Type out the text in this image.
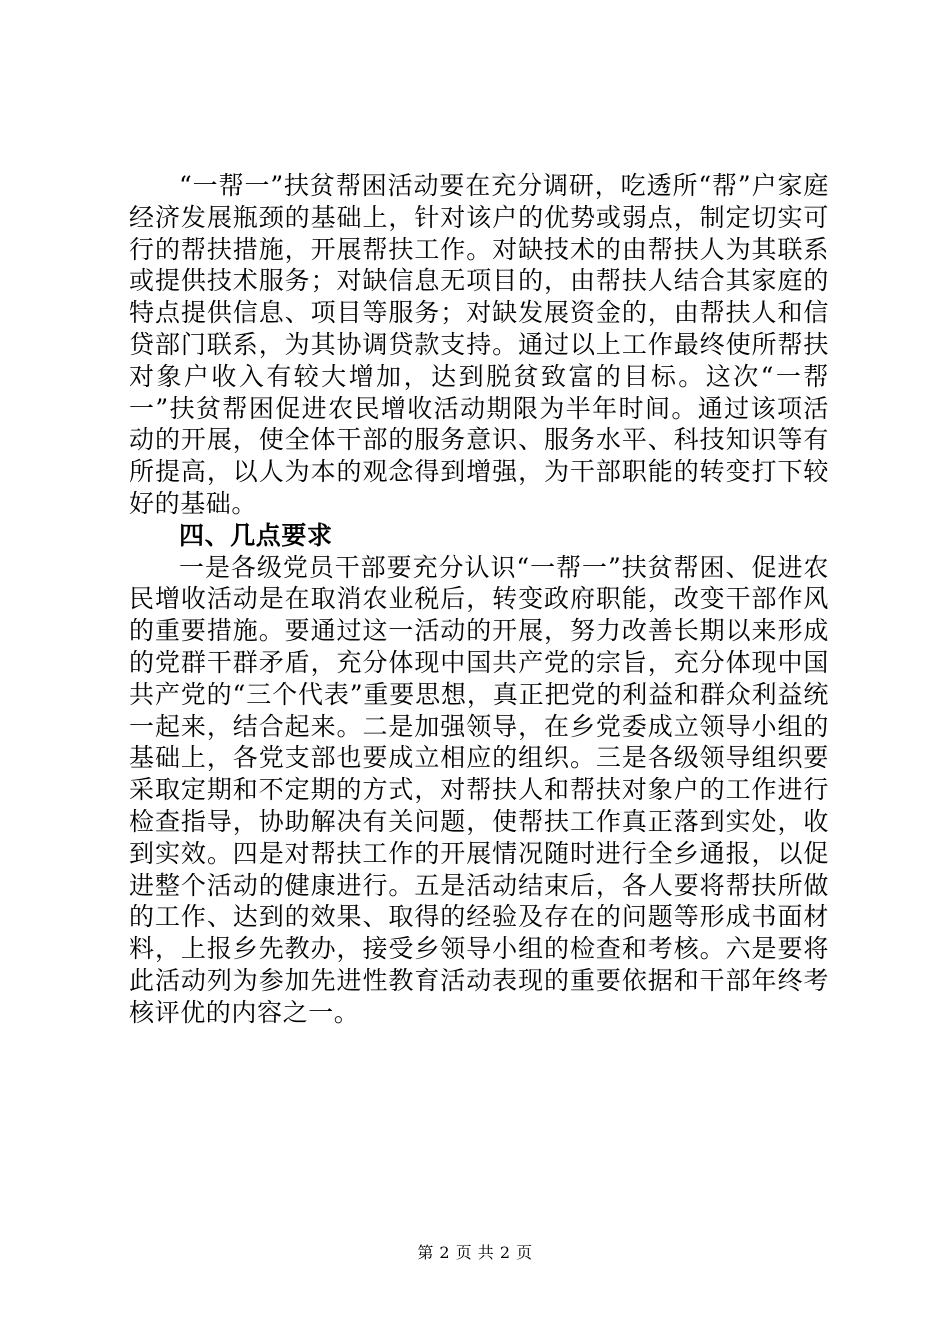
“一帮一”扶贫帮困活动要在充分调研，吃透所“帮”户家庭经济发展瓶颈的基础上，针对该户的优势或弱点，制定切实可行的帮扶措施，开展帮扶工作。对缺技术的由帮扶人为其联系或提供技术服务；对缺信息无项目的，由帮扶人结合其家庭的特点提供信息、项目等服务；对缺发展资金的，由帮扶人和信贷部门联系，为其协调贷款支持。通过以上工作最终使所帮扶对象户收入有较大增加，达到脱贫致富的目标。这次“一帮一”扶贫帮困促进农民增收活动期限为半年时间。通过该项活动的开展，使全体干部的服务意识、服务水平、科技知识等有所提高，以人为本的观念得到增强，为干部职能的转变打下较好的基础。

四、几点要求

一是各级党员干部要充分认识“一帮一”扶贫帮困、促进农民增收活动是在取消农业税后，转变政府职能，改变干部作风的重要措施。要通过这一活动的开展，努力改善长期以来形成的党群干群矛盾，充分体现中国共产党的宗旨，充分体现中国共产党的“三个代表”重要思想，真正把党的利益和群众利益统一起来，结合起来。二是加强领导，在乡党委成立领导小组的基础上，各党支部也要成立相应的组织。三是各级领导组织要采取定期和不定期的方式，对帮扶人和帮扶对象户的工作进行检查指导，协助解决有关问题，使帮扶工作真正落到实处，收到实效。四是对帮扶工作的开展情况随时进行全乡通报，以促进整个活动的健康进行。五是活动结束后，各人要将帮扶所做的工作、达到的效果、取得的经验及存在的问题等形成书面材料，上报乡先教办，接受乡领导小组的检查和考核。六是要将此活动列为参加先进性教育活动表现的重要依据和干部年终考核评优的内容之一。

第 2 页 共 2 页
